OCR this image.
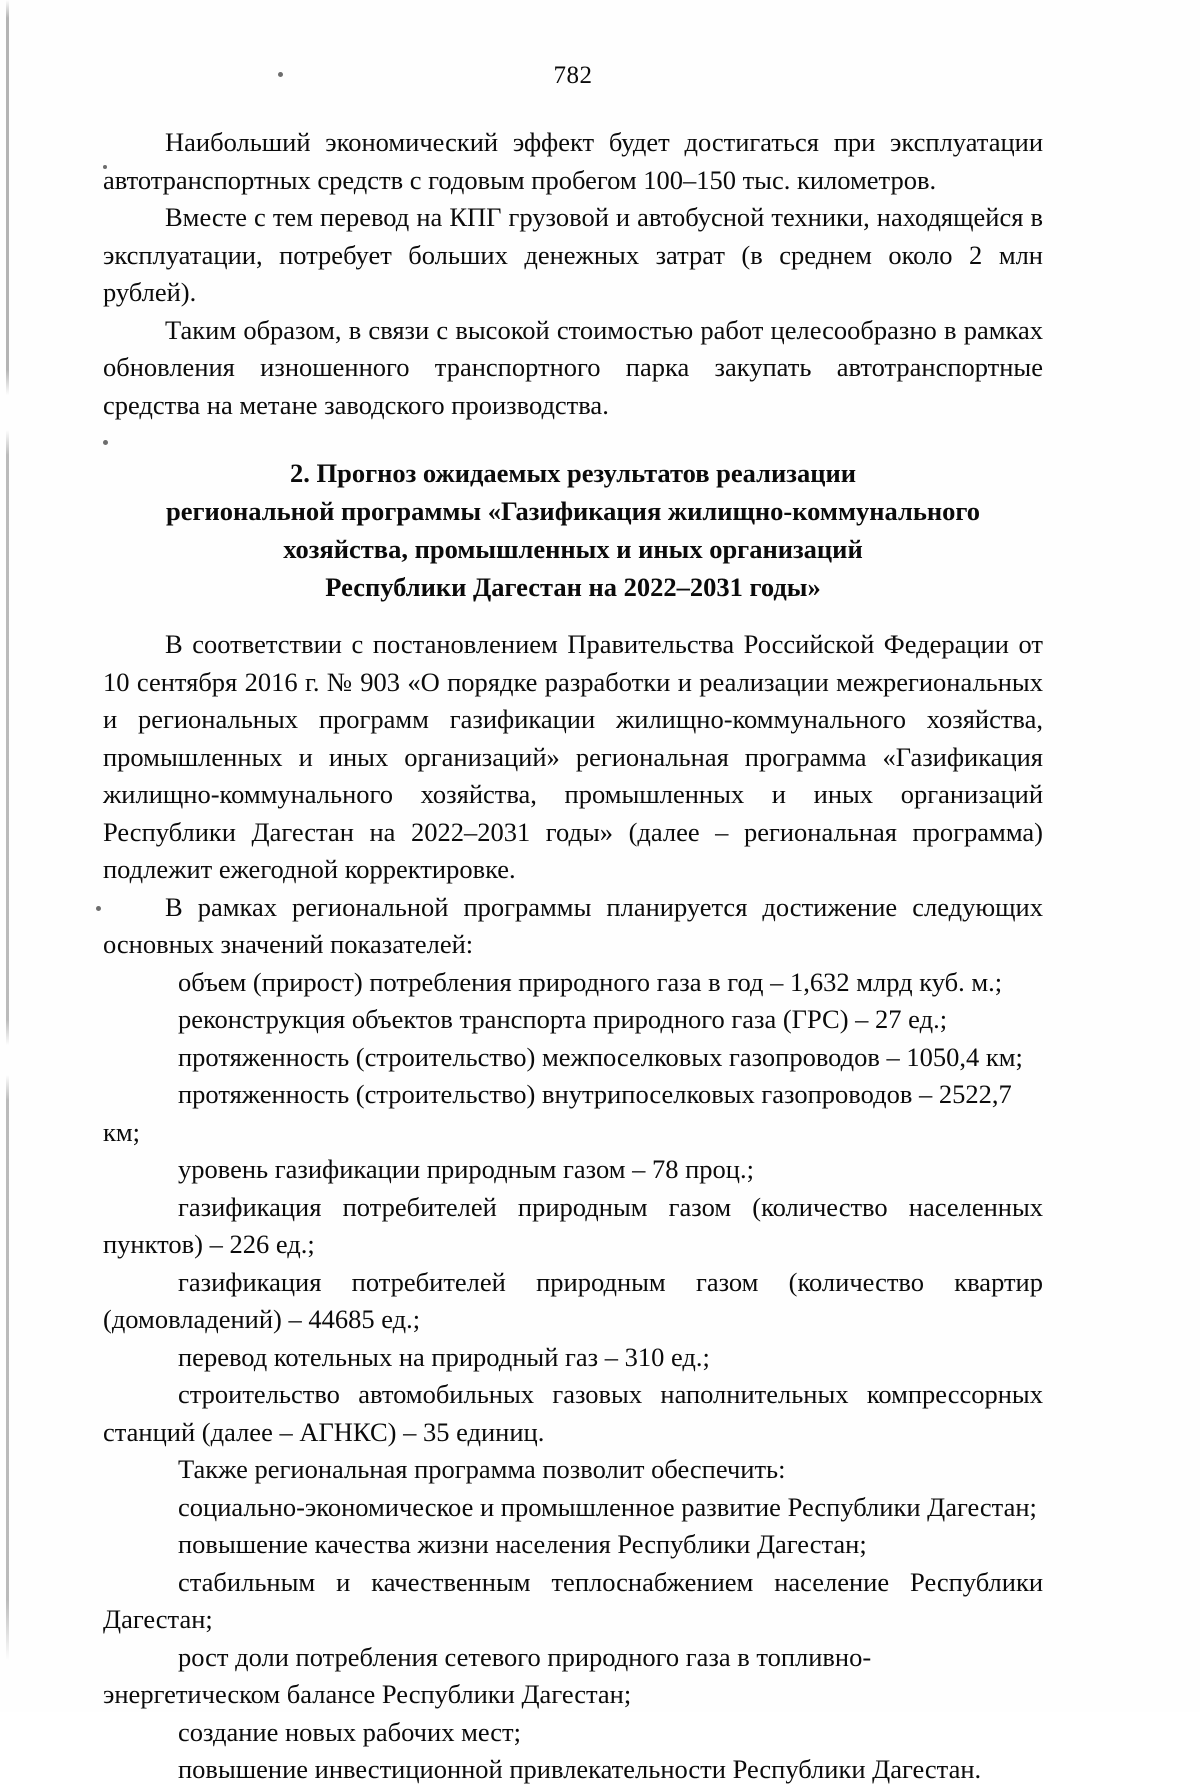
782

Наибольший экономический эффект будет достигаться при эксплуатации автотранспортных средств с годовым пробегом 100–150 тыс. километров.

Вместе с тем перевод на КПГ грузовой и автобусной техники, находящейся в эксплуатации, потребует больших денежных затрат (в среднем около 2 млн рублей).

Таким образом, в связи с высокой стоимостью работ целесообразно в рамках обновления изношенного транспортного парка закупать автотранспортные средства на метане заводского производства.

2. Прогноз ожидаемых результатов реализации
региональной программы «Газификация жилищно-коммунального
хозяйства, промышленных и иных организаций
Республики Дагестан на 2022–2031 годы»

В соответствии с постановлением Правительства Российской Федерации от 10 сентября 2016 г. № 903 «О порядке разработки и реализации межрегиональных и региональных программ газификации жилищно-коммунального хозяйства, промышленных и иных организаций» региональная программа «Газификация жилищно-коммунального хозяйства, промышленных и иных организаций Республики Дагестан на 2022–2031 годы» (далее – региональная программа) подлежит ежегодной корректировке.

В рамках региональной программы планируется достижение следующих основных значений показателей:

объем (прирост) потребления природного газа в год – 1,632 млрд куб. м.;

реконструкция объектов транспорта природного газа (ГРС) – 27 ед.;

протяженность (строительство) межпоселковых газопроводов – 1050,4 км;

протяженность (строительство) внутрипоселковых газопроводов – 2522,7 км;

уровень газификации природным газом – 78 проц.;

газификация потребителей природным газом (количество населенных пунктов) – 226 ед.;

газификация потребителей природным газом (количество квартир (домовладений) – 44685 ед.;

перевод котельных на природный газ – 310 ед.;

строительство автомобильных газовых наполнительных компрессорных станций (далее – АГНКС) – 35 единиц.

Также региональная программа позволит обеспечить:

социально-экономическое и промышленное развитие Республики Дагестан;

повышение качества жизни населения Республики Дагестан;

стабильным и качественным теплоснабжением население Республики Дагестан;

рост доли потребления сетевого природного газа в топливно-энергетическом балансе Республики Дагестан;

создание новых рабочих мест;

повышение инвестиционной привлекательности Республики Дагестан.
